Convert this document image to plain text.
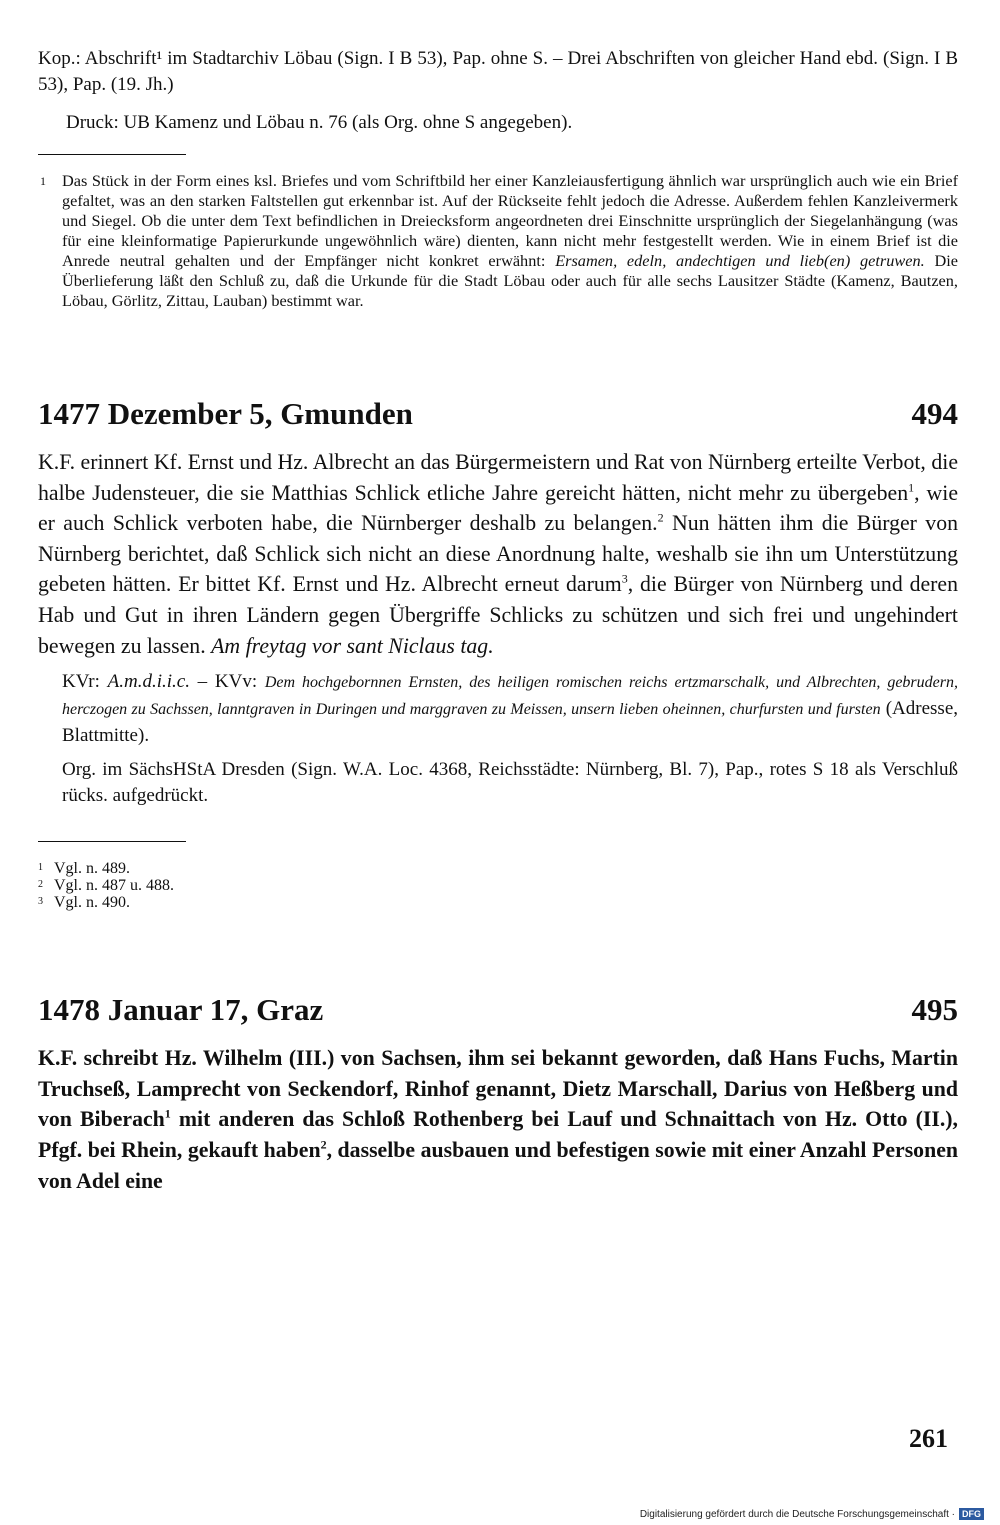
Kop.: Abschrift¹ im Stadtarchiv Löbau (Sign. I B 53), Pap. ohne S. – Drei Abschriften von gleicher Hand ebd. (Sign. I B 53), Pap. (19. Jh.)

Druck: UB Kamenz und Löbau n. 76 (als Org. ohne S angegeben).

1 Das Stück in der Form eines ksl. Briefes und vom Schriftbild her einer Kanzleiausfertigung ähnlich war ursprünglich auch wie ein Brief gefaltet, was an den starken Faltstellen gut erkennbar ist. Auf der Rückseite fehlt jedoch die Adresse. Außerdem fehlen Kanzleivermerk und Siegel. Ob die unter dem Text befindlichen in Dreiecksform angeordneten drei Einschnitte ursprünglich der Siegelanhängung (was für eine kleinformatige Papierurkunde ungewöhnlich wäre) dienten, kann nicht mehr festgestellt werden. Wie in einem Brief ist die Anrede neutral gehalten und der Empfänger nicht konkret erwähnt: Ersamen, edeln, andechtigen und lieb(en) getruwen. Die Überlieferung läßt den Schluß zu, daß die Urkunde für die Stadt Löbau oder auch für alle sechs Lausitzer Städte (Kamenz, Bautzen, Löbau, Görlitz, Zittau, Lauban) bestimmt war.

1477 Dezember 5, Gmunden	494

K.F. erinnert Kf. Ernst und Hz. Albrecht an das Bürgermeistern und Rat von Nürnberg erteilte Verbot, die halbe Judensteuer, die sie Matthias Schlick etliche Jahre gereicht hätten, nicht mehr zu übergeben$^1$, wie er auch Schlick verboten habe, die Nürnberger deshalb zu belangen.$^2$ Nun hätten ihm die Bürger von Nürnberg berichtet, daß Schlick sich nicht an diese Anordnung halte, weshalb sie ihn um Unterstützung gebeten hätten. Er bittet Kf. Ernst und Hz. Albrecht erneut darum$^3$, die Bürger von Nürnberg und deren Hab und Gut in ihren Ländern gegen Übergriffe Schlicks zu schützen und sich frei und ungehindert bewegen zu lassen. Am freytag vor sant Niclaus tag.

KVr: A.m.d.i.i.c. – KVv: Dem hochgebornnen Ernsten, des heiligen romischen reichs ertzmarschalk, und Albrechten, gebrudern, herczogen zu Sachssen, lanntgraven in Duringen und marggraven zu Meissen, unsern lieben oheinnen, churfursten und fursten (Adresse, Blattmitte).

Org. im SächsHStA Dresden (Sign. W.A. Loc. 4368, Reichsstädte: Nürnberg, Bl. 7), Pap., rotes S 18 als Verschluß rücks. aufgedrückt.

1 Vgl. n. 489.
2 Vgl. n. 487 u. 488.
3 Vgl. n. 490.
1478 Januar 17, Graz	495

K.F. schreibt Hz. Wilhelm (III.) von Sachsen, ihm sei bekannt geworden, daß Hans Fuchs, Martin Truchseß, Lamprecht von Seckendorf, Rinhof genannt, Dietz Marschall, Darius von Heßberg und von Biberach$^1$ mit anderen das Schloß Rothenberg bei Lauf und Schnaittach von Hz. Otto (II.), Pfgf. bei Rhein, gekauft haben$^2$, dasselbe ausbauen und befestigen sowie mit einer Anzahl Personen von Adel eine

261
Digitalisierung gefördert durch die Deutsche Forschungsgemeinschaft · DFG
